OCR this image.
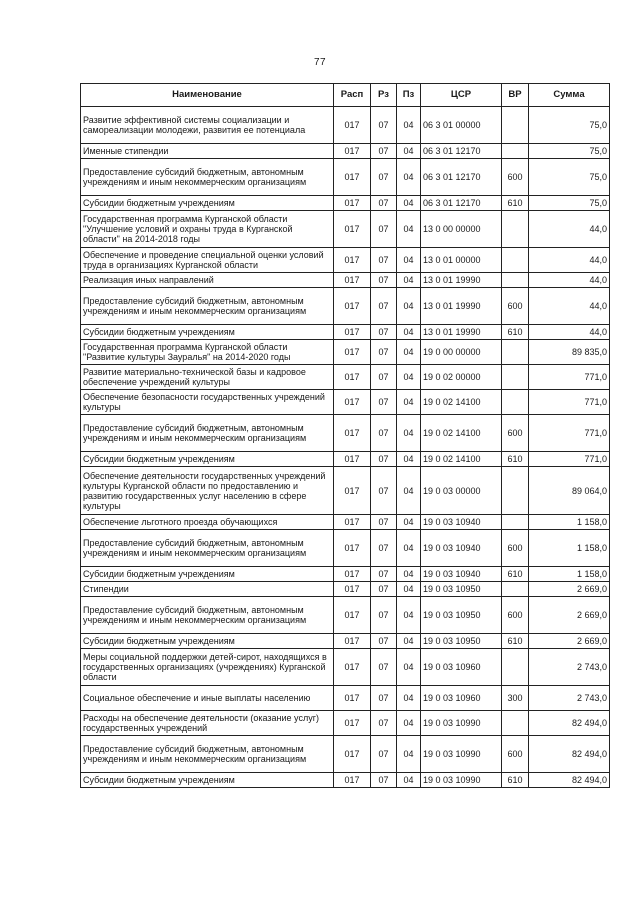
77
Наименование	Расп	Рз	Пз	ЦСР	ВР	Сумма
Развитие эффективной системы социализации и самореализации молодежи, развития ее потенциала	017	07	04	06 3 01 00000		75,0
Именные стипендии	017	07	04	06 3 01 12170		75,0
Предоставление субсидий бюджетным, автономным учреждениям и иным некоммерческим организациям	017	07	04	06 3 01 12170	600	75,0
Субсидии бюджетным учреждениям	017	07	04	06 3 01 12170	610	75,0
Государственная программа Курганской области "Улучшение условий и охраны труда в Курганской области" на 2014-2018 годы	017	07	04	13 0 00 00000		44,0
Обеспечение и проведение специальной оценки условий труда в организациях Курганской области	017	07	04	13 0 01 00000		44,0
Реализация иных направлений	017	07	04	13 0 01 19990		44,0
Предоставление субсидий бюджетным, автономным учреждениям и иным некоммерческим организациям	017	07	04	13 0 01 19990	600	44,0
Субсидии бюджетным учреждениям	017	07	04	13 0 01 19990	610	44,0
Государственная программа Курганской области "Развитие культуры Зауралья" на 2014-2020 годы	017	07	04	19 0 00 00000		89 835,0
Развитие материально-технической базы и кадровое обеспечение учреждений культуры	017	07	04	19 0 02 00000		771,0
Обеспечение безопасности государственных учреждений культуры	017	07	04	19 0 02 14100		771,0
Предоставление субсидий бюджетным, автономным учреждениям и иным некоммерческим организациям	017	07	04	19 0 02 14100	600	771,0
Субсидии бюджетным учреждениям	017	07	04	19 0 02 14100	610	771,0
Обеспечение деятельности государственных учреждений культуры Курганской области по предоставлению и развитию государственных услуг населению в сфере культуры	017	07	04	19 0 03 00000		89 064,0
Обеспечение льготного проезда обучающихся	017	07	04	19 0 03 10940		1 158,0
Предоставление субсидий бюджетным, автономным учреждениям и иным некоммерческим организациям	017	07	04	19 0 03 10940	600	1 158,0
Субсидии бюджетным учреждениям	017	07	04	19 0 03 10940	610	1 158,0
Стипендии	017	07	04	19 0 03 10950		2 669,0
Предоставление субсидий бюджетным, автономным учреждениям и иным некоммерческим организациям	017	07	04	19 0 03 10950	600	2 669,0
Субсидии бюджетным учреждениям	017	07	04	19 0 03 10950	610	2 669,0
Меры социальной поддержки детей-сирот, находящихся в государственных организациях (учреждениях) Курганской области	017	07	04	19 0 03 10960		2 743,0
Социальное обеспечение и иные выплаты населению	017	07	04	19 0 03 10960	300	2 743,0
Расходы на обеспечение деятельности (оказание услуг) государственных учреждений	017	07	04	19 0 03 10990		82 494,0
Предоставление субсидий бюджетным, автономным учреждениям и иным некоммерческим организациям	017	07	04	19 0 03 10990	600	82 494,0
Субсидии бюджетным учреждениям	017	07	04	19 0 03 10990	610	82 494,0
